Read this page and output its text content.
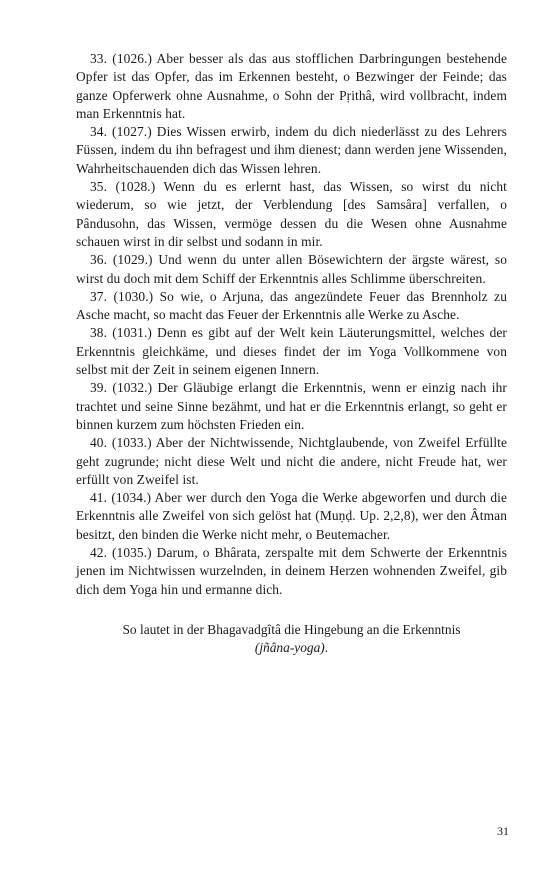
33. (1026.) Aber besser als das aus stofflichen Darbringungen bestehende Opfer ist das Opfer, das im Erkennen besteht, o Bezwinger der Feinde; das ganze Opferwerk ohne Ausnahme, o Sohn der Pṛithâ, wird vollbracht, indem man Erkenntnis hat.

34. (1027.) Dies Wissen erwirb, indem du dich niederlässt zu des Lehrers Füssen, indem du ihn befragest und ihm dienest; dann werden jene Wissenden, Wahrheitschauenden dich das Wissen lehren.

35. (1028.) Wenn du es erlernt hast, das Wissen, so wirst du nicht wiederum, so wie jetzt, der Verblendung [des Samsâra] verfallen, o Pândusohn, das Wissen, vermöge dessen du die Wesen ohne Ausnahme schauen wirst in dir selbst und sodann in mir.

36. (1029.) Und wenn du unter allen Bösewichtern der ärgste wärest, so wirst du doch mit dem Schiff der Erkenntnis alles Schlimme überschreiten.

37. (1030.) So wie, o Arjuna, das angezündete Feuer das Brennholz zu Asche macht, so macht das Feuer der Erkenntnis alle Werke zu Asche.

38. (1031.) Denn es gibt auf der Welt kein Läuterungsmittel, welches der Erkenntnis gleichkäme, und dieses findet der im Yoga Vollkommene von selbst mit der Zeit in seinem eigenen Innern.

39. (1032.) Der Gläubige erlangt die Erkenntnis, wenn er einzig nach ihr trachtet und seine Sinne bezähmt, und hat er die Erkenntnis erlangt, so geht er binnen kurzem zum höchsten Frieden ein.

40. (1033.) Aber der Nichtwissende, Nichtglaubende, von Zweifel Erfüllte geht zugrunde; nicht diese Welt und nicht die andere, nicht Freude hat, wer erfüllt von Zweifel ist.

41. (1034.) Aber wer durch den Yoga die Werke abgeworfen und durch die Erkenntnis alle Zweifel von sich gelöst hat (Muṇḍ. Up. 2,2,8), wer den Âtman besitzt, den binden die Werke nicht mehr, o Beutemacher.

42. (1035.) Darum, o Bhârata, zerspalte mit dem Schwerte der Erkenntnis jenen im Nichtwissen wurzelnden, in deinem Herzen wohnenden Zweifel, gib dich dem Yoga hin und ermanne dich.

So lautet in der Bhagavadgîtâ die Hingebung an die Erkenntnis
(jñâna-yoga).

31
